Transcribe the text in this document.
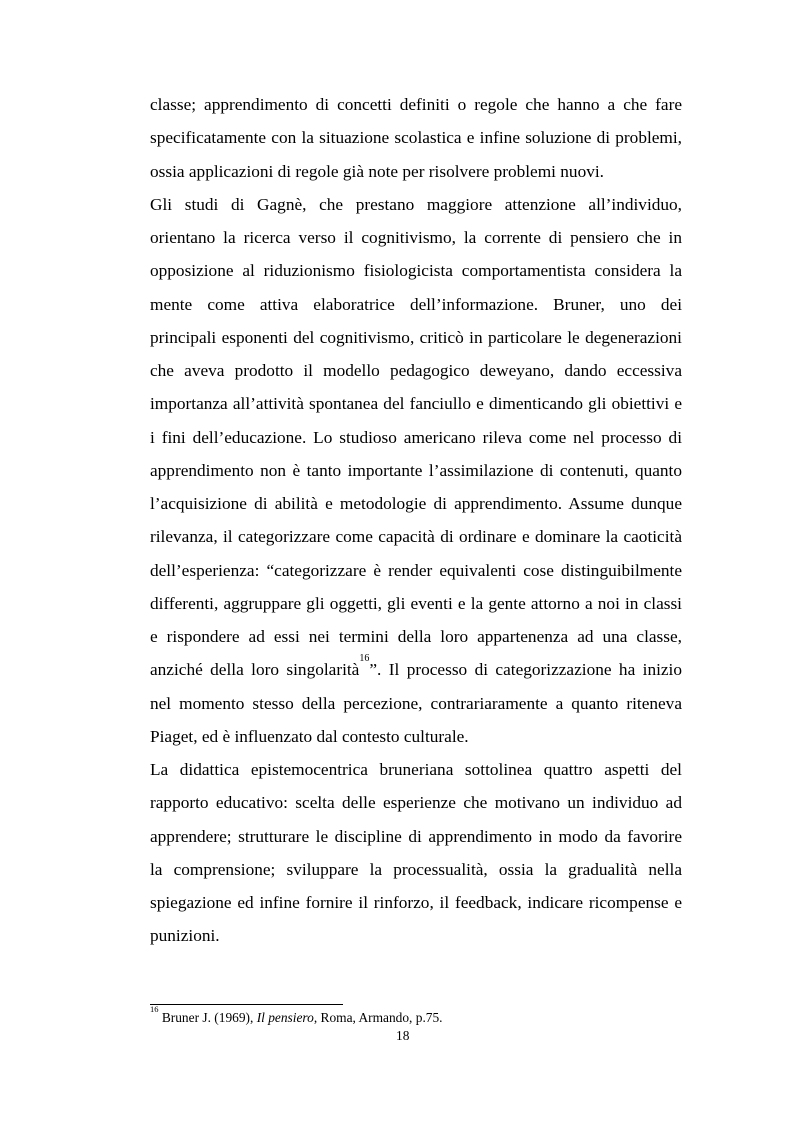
classe; apprendimento di concetti definiti o regole che hanno a che fare
specificatamente con la situazione scolastica e infine soluzione di problemi,
ossia applicazioni di regole già note per risolvere problemi nuovi.
Gli studi di Gagnè, che prestano maggiore attenzione all’individuo,
orientano la ricerca verso il cognitivismo, la corrente di pensiero che in
opposizione al riduzionismo fisiologicista comportamentista considera la
mente come attiva elaboratrice dell’informazione. Bruner, uno dei
principali esponenti del cognitivismo, criticò in particolare le degenerazioni
che aveva prodotto il modello pedagogico deweyano, dando eccessiva
importanza all’attività spontanea del fanciullo e dimenticando gli obiettivi e
i fini dell’educazione. Lo studioso americano rileva come nel processo di
apprendimento non è tanto importante l’assimilazione di contenuti, quanto
l’acquisizione di abilità e metodologie di apprendimento. Assume dunque
rilevanza, il categorizzare come capacità di ordinare e dominare la caoticità
dell’esperienza: “categorizzare è render equivalenti cose distinguibilmente
differenti, aggruppare gli oggetti, gli eventi e la gente attorno a noi in classi
e rispondere ad essi nei termini della loro appartenenza ad una classe,
anziché della loro singolarità$^{16}$”. Il processo di categorizzazione ha inizio
nel momento stesso della percezione, contrariaramente a quanto riteneva
Piaget, ed è influenzato dal contesto culturale.
La didattica epistemocentrica bruneriana sottolinea quattro aspetti del
rapporto educativo: scelta delle esperienze che motivano un individuo ad
apprendere; strutturare le discipline di apprendimento in modo da favorire
la comprensione; sviluppare la processualità, ossia la gradualità nella
spiegazione ed infine fornire il rinforzo, il feedback, indicare ricompense e
punizioni.
$^{16}$ Bruner J. (1969), Il pensiero, Roma, Armando, p.75.
18
